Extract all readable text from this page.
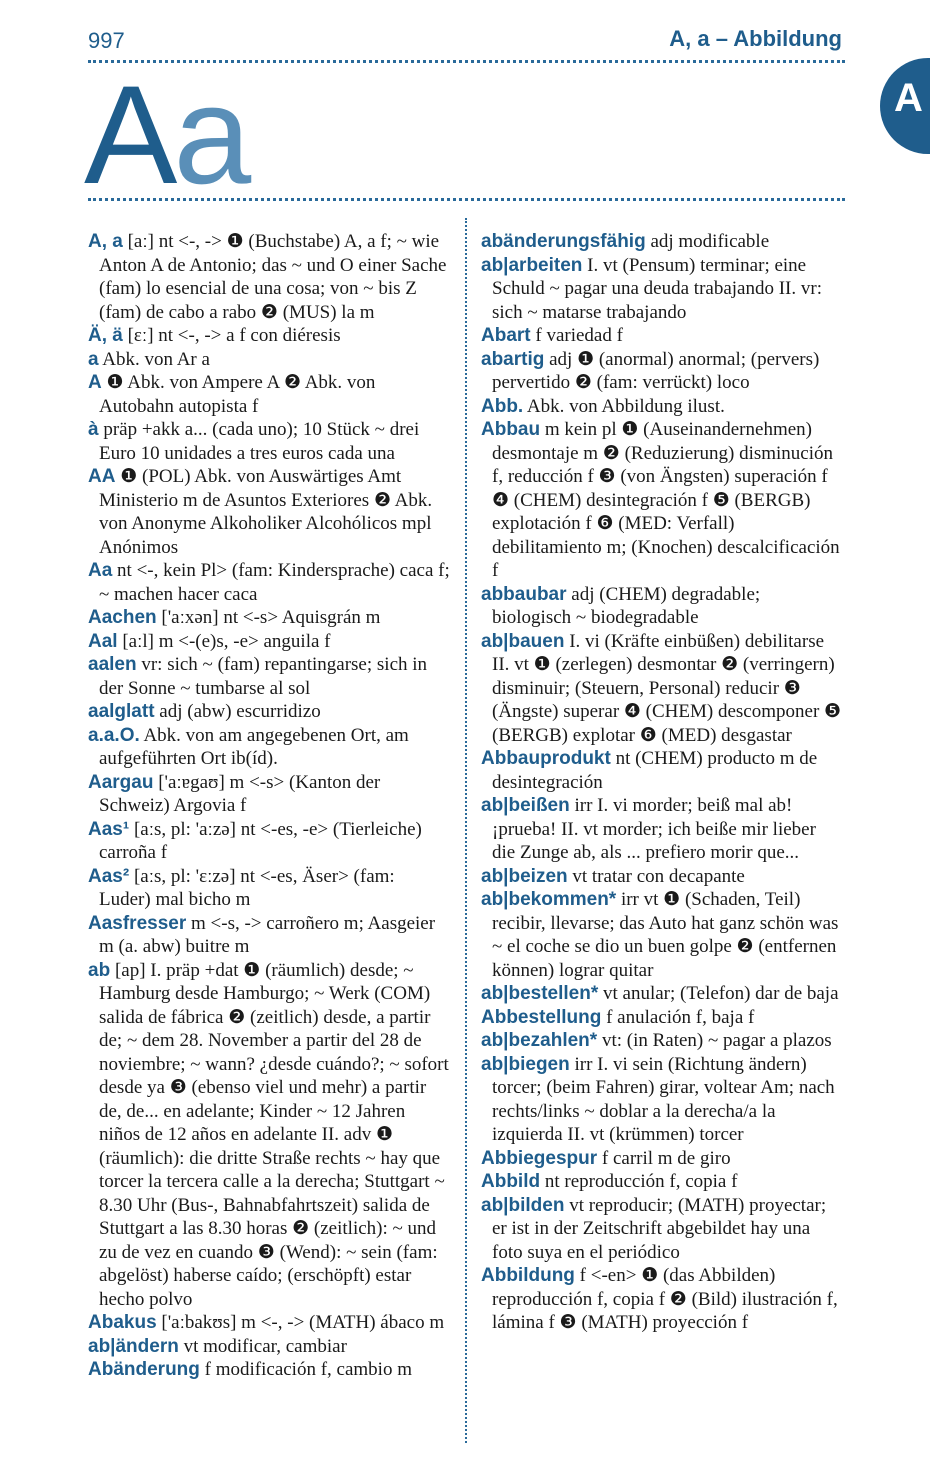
997	A, a – Abbildung
Aa	A

A, a [aː] nt <-, -> ❶ (Buchstabe) A, a f; ~ wie Anton A de Antonio; das ~ und O einer Sache (fam) lo esencial de una cosa; von ~ bis Z (fam) de cabo a rabo ❷ (MUS) la m

Ä, ä [ɛː] nt <-, -> a f con diéresis

a Abk. von Ar a

A ❶ Abk. von Ampere A ❷ Abk. von Autobahn autopista f

à präp +akk a... (cada uno); 10 Stück ~ drei Euro 10 unidades a tres euros cada una

AA ❶ (POL) Abk. von Auswärtiges Amt Ministerio m de Asuntos Exteriores ❷ Abk. von Anonyme Alkoholiker Alcohólicos mpl Anónimos

Aa nt <-, kein Pl> (fam: Kindersprache) caca f; ~ machen hacer caca

Aachen ['aːxən] nt <-s> Aquisgrán m

Aal [aːl] m <-(e)s, -e> anguila f

aalen vr: sich ~ (fam) repantingarse; sich in der Sonne ~ tumbarse al sol

aalglatt adj (abw) escurridizo

a.a.O. Abk. von am angegebenen Ort, am aufgeführten Ort ib(íd).

Aargau ['aːɐgaʊ] m <-s> (Kanton der Schweiz) Argovia f

Aas¹ [aːs, pl: 'aːzə] nt <-es, -e> (Tierleiche) carroña f

Aas² [aːs, pl: 'ɛːzə] nt <-es, Äser> (fam: Luder) mal bicho m

Aasfresser m <-s, -> carroñero m; Aasgeier m (a. abw) buitre m

ab [ap] I. präp +dat ❶ (räumlich) desde; ~ Hamburg desde Hamburgo; ~ Werk (COM) salida de fábrica ❷ (zeitlich) desde, a partir de; ~ dem 28. November a partir del 28 de noviembre; ~ wann? ¿desde cuándo?; ~ sofort desde ya ❸ (ebenso viel und mehr) a partir de, de... en adelante; Kinder ~ 12 Jahren niños de 12 años en adelante II. adv ❶ (räumlich): die dritte Straße rechts ~ hay que torcer la tercera calle a la derecha; Stuttgart ~ 8.30 Uhr (Bus-, Bahnabfahrtszeit) salida de Stuttgart a las 8.30 horas ❷ (zeitlich): ~ und zu de vez en cuando ❸ (Wend): ~ sein (fam: abgelöst) haberse caído; (erschöpft) estar hecho polvo

Abakus ['aːbakʊs] m <-, -> (MATH) ábaco m

ab|ändern vt modificar, cambiar

Abänderung f modificación f, cambio m

abänderungsfähig adj modificable

ab|arbeiten I. vt (Pensum) terminar; eine Schuld ~ pagar una deuda trabajando II. vr: sich ~ matarse trabajando

Abart f variedad f

abartig adj ❶ (anormal) anormal; (pervers) pervertido ❷ (fam: verrückt) loco

Abb. Abk. von Abbildung ilust.

Abbau m kein pl ❶ (Auseinandernehmen) desmontaje m ❷ (Reduzierung) disminución f, reducción f ❸ (von Ängsten) superación f ❹ (CHEM) desintegración f ❺ (BERGB) explotación f ❻ (MED: Verfall) debilitamiento m; (Knochen) descalcificación f

abbaubar adj (CHEM) degradable; biologisch ~ biodegradable

ab|bauen I. vi (Kräfte einbüßen) debilitarse II. vt ❶ (zerlegen) desmontar ❷ (verringern) disminuir; (Steuern, Personal) reducir ❸ (Ängste) superar ❹ (CHEM) descomponer ❺ (BERGB) explotar ❻ (MED) desgastar

Abbauprodukt nt (CHEM) producto m de desintegración

ab|beißen irr I. vi morder; beiß mal ab! ¡prueba! II. vt morder; ich beiße mir lieber die Zunge ab, als ... prefiero morir que...

ab|beizen vt tratar con decapante

ab|bekommen* irr vt ❶ (Schaden, Teil) recibir, llevarse; das Auto hat ganz schön was ~ el coche se dio un buen golpe ❷ (entfernen können) lograr quitar

ab|bestellen* vt anular; (Telefon) dar de baja

Abbestellung f anulación f, baja f

ab|bezahlen* vt: (in Raten) ~ pagar a plazos

ab|biegen irr I. vi sein (Richtung ändern) torcer; (beim Fahren) girar, voltear Am; nach rechts/links ~ doblar a la derecha/a la izquierda II. vt (krümmen) torcer

Abbiegespur f carril m de giro

Abbild nt reproducción f, copia f

ab|bilden vt reproducir; (MATH) proyectar; er ist in der Zeitschrift abgebildet hay una foto suya en el periódico

Abbildung f <-en> ❶ (das Abbilden) reproducción f, copia f ❷ (Bild) ilustración f, lámina f ❸ (MATH) proyección f
